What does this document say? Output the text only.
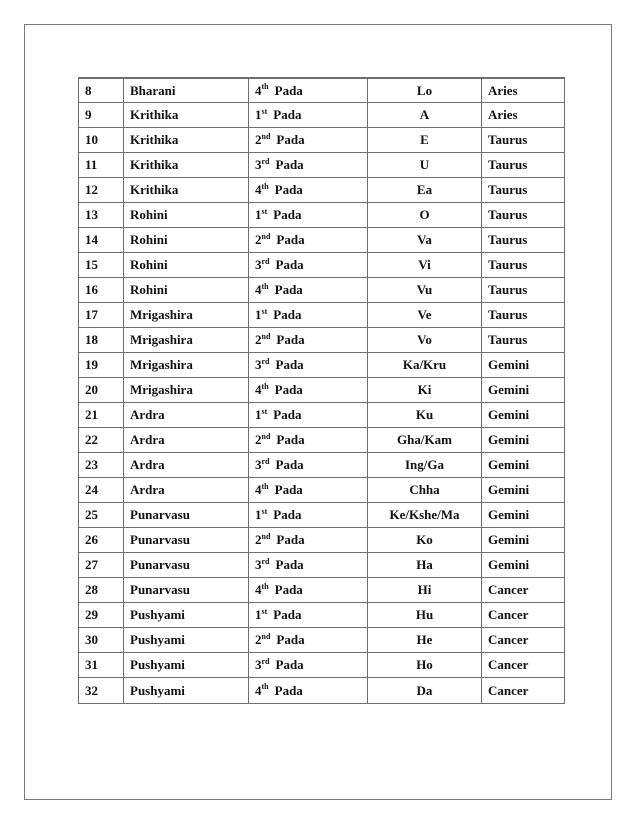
8	Bharani	4th Pada	Lo	Aries
9	Krithika	1st Pada	A	Aries
10	Krithika	2nd Pada	E	Taurus
11	Krithika	3rd Pada	U	Taurus
12	Krithika	4th Pada	Ea	Taurus
13	Rohini	1st Pada	O	Taurus
14	Rohini	2nd Pada	Va	Taurus
15	Rohini	3rd Pada	Vi	Taurus
16	Rohini	4th Pada	Vu	Taurus
17	Mrigashira	1st Pada	Ve	Taurus
18	Mrigashira	2nd Pada	Vo	Taurus
19	Mrigashira	3rd Pada	Ka/Kru	Gemini
20	Mrigashira	4th Pada	Ki	Gemini
21	Ardra	1st Pada	Ku	Gemini
22	Ardra	2nd Pada	Gha/Kam	Gemini
23	Ardra	3rd Pada	Ing/Ga	Gemini
24	Ardra	4th Pada	Chha	Gemini
25	Punarvasu	1st Pada	Ke/Kshe/Ma	Gemini
26	Punarvasu	2nd Pada	Ko	Gemini
27	Punarvasu	3rd Pada	Ha	Gemini
28	Punarvasu	4th Pada	Hi	Cancer
29	Pushyami	1st Pada	Hu	Cancer
30	Pushyami	2nd Pada	He	Cancer
31	Pushyami	3rd Pada	Ho	Cancer
32	Pushyami	4th Pada	Da	Cancer
